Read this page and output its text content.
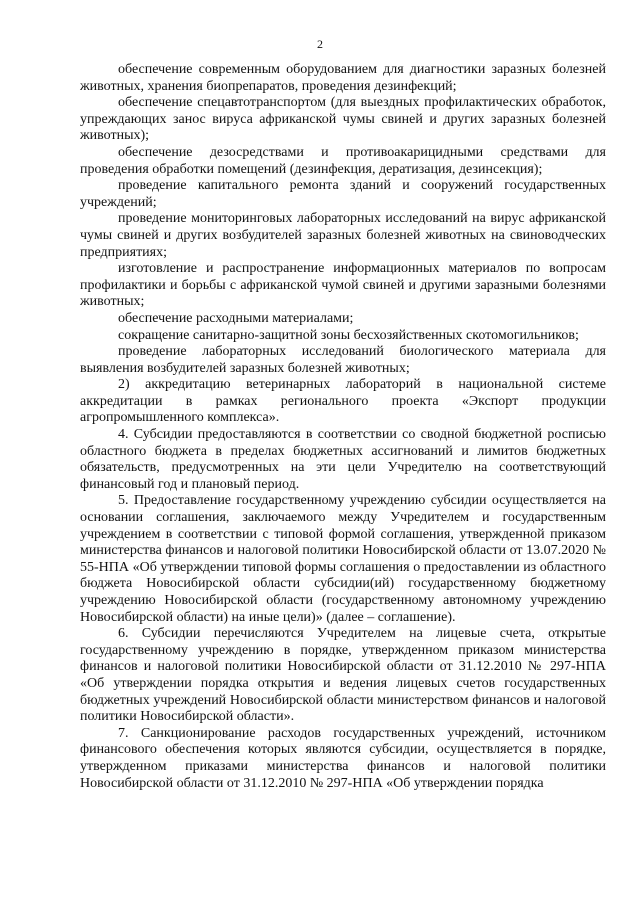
2

обеспечение современным оборудованием для диагностики заразных болезней животных, хранения биопрепаратов, проведения дезинфекций;

обеспечение спецавтотранспортом (для выездных профилактических обработок, упреждающих занос вируса африканской чумы свиней и других заразных болезней животных);

обеспечение дезосредствами и противоакарицидными средствами для проведения обработки помещений (дезинфекция, дератизация, дезинсекция);

проведение капитального ремонта зданий и сооружений государственных учреждений;

проведение мониторинговых лабораторных исследований на вирус африканской чумы свиней и других возбудителей заразных болезней животных на свиноводческих предприятиях;

изготовление и распространение информационных материалов по вопросам профилактики и борьбы с африканской чумой свиней и другими заразными болезнями животных;

обеспечение расходными материалами;

сокращение санитарно-защитной зоны бесхозяйственных скотомогильников;

проведение лабораторных исследований биологического материала для выявления возбудителей заразных болезней животных;

2) аккредитацию ветеринарных лабораторий в национальной системе аккредитации в рамках регионального проекта «Экспорт продукции агропромышленного комплекса».

4. Субсидии предоставляются в соответствии со сводной бюджетной росписью областного бюджета в пределах бюджетных ассигнований и лимитов бюджетных обязательств, предусмотренных на эти цели Учредителю на соответствующий финансовый год и плановый период.

5. Предоставление государственному учреждению субсидии осуществляется на основании соглашения, заключаемого между Учредителем и государственным учреждением в соответствии с типовой формой соглашения, утвержденной приказом министерства финансов и налоговой политики Новосибирской области от 13.07.2020 № 55-НПА «Об утверждении типовой формы соглашения о предоставлении из областного бюджета Новосибирской области субсидии(ий) государственному бюджетному учреждению Новосибирской области (государственному автономному учреждению Новосибирской области) на иные цели)» (далее – соглашение).

6. Субсидии перечисляются Учредителем на лицевые счета, открытые государственному учреждению в порядке, утвержденном приказом министерства финансов и налоговой политики Новосибирской области от 31.12.2010 № 297-НПА «Об утверждении порядка открытия и ведения лицевых счетов государственных бюджетных учреждений Новосибирской области министерством финансов и налоговой политики Новосибирской области».

7. Санкционирование расходов государственных учреждений, источником финансового обеспечения которых являются субсидии, осуществляется в порядке, утвержденном приказами министерства финансов и налоговой политики Новосибирской области от 31.12.2010 № 297-НПА «Об утверждении порядка
